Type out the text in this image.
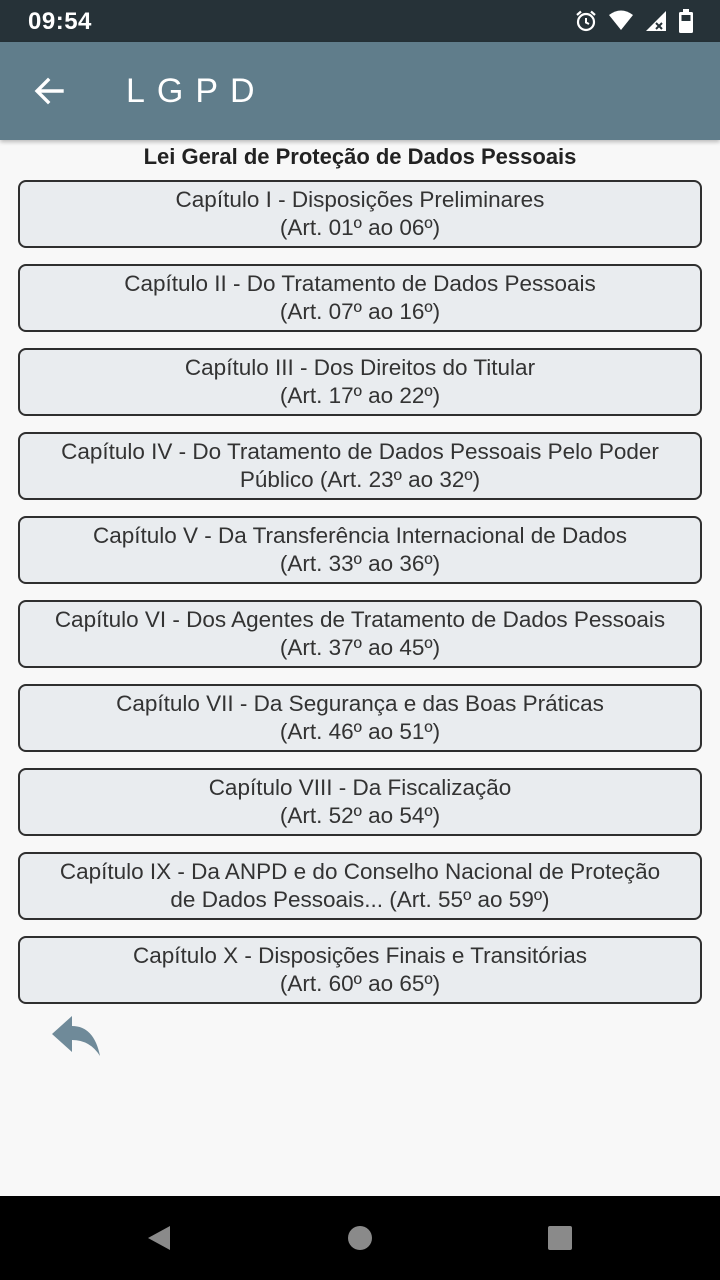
09:54
LGPD
Lei Geral de Proteção de Dados Pessoais
Capítulo I - Disposições Preliminares
(Art. 01º ao 06º)
Capítulo II - Do Tratamento de Dados Pessoais
(Art. 07º ao 16º)
Capítulo III - Dos Direitos do Titular
(Art. 17º ao 22º)
Capítulo IV - Do Tratamento de Dados Pessoais Pelo Poder
Público (Art. 23º ao 32º)
Capítulo V - Da Transferência Internacional de Dados
(Art. 33º ao 36º)
Capítulo VI - Dos Agentes de Tratamento de Dados Pessoais
(Art. 37º ao 45º)
Capítulo VII - Da Segurança e das Boas Práticas
(Art. 46º ao 51º)
Capítulo VIII - Da Fiscalização
(Art. 52º ao 54º)
Capítulo IX - Da ANPD e do Conselho Nacional de Proteção
de Dados Pessoais... (Art. 55º ao 59º)
Capítulo X - Disposições Finais e Transitórias
(Art. 60º ao 65º)
